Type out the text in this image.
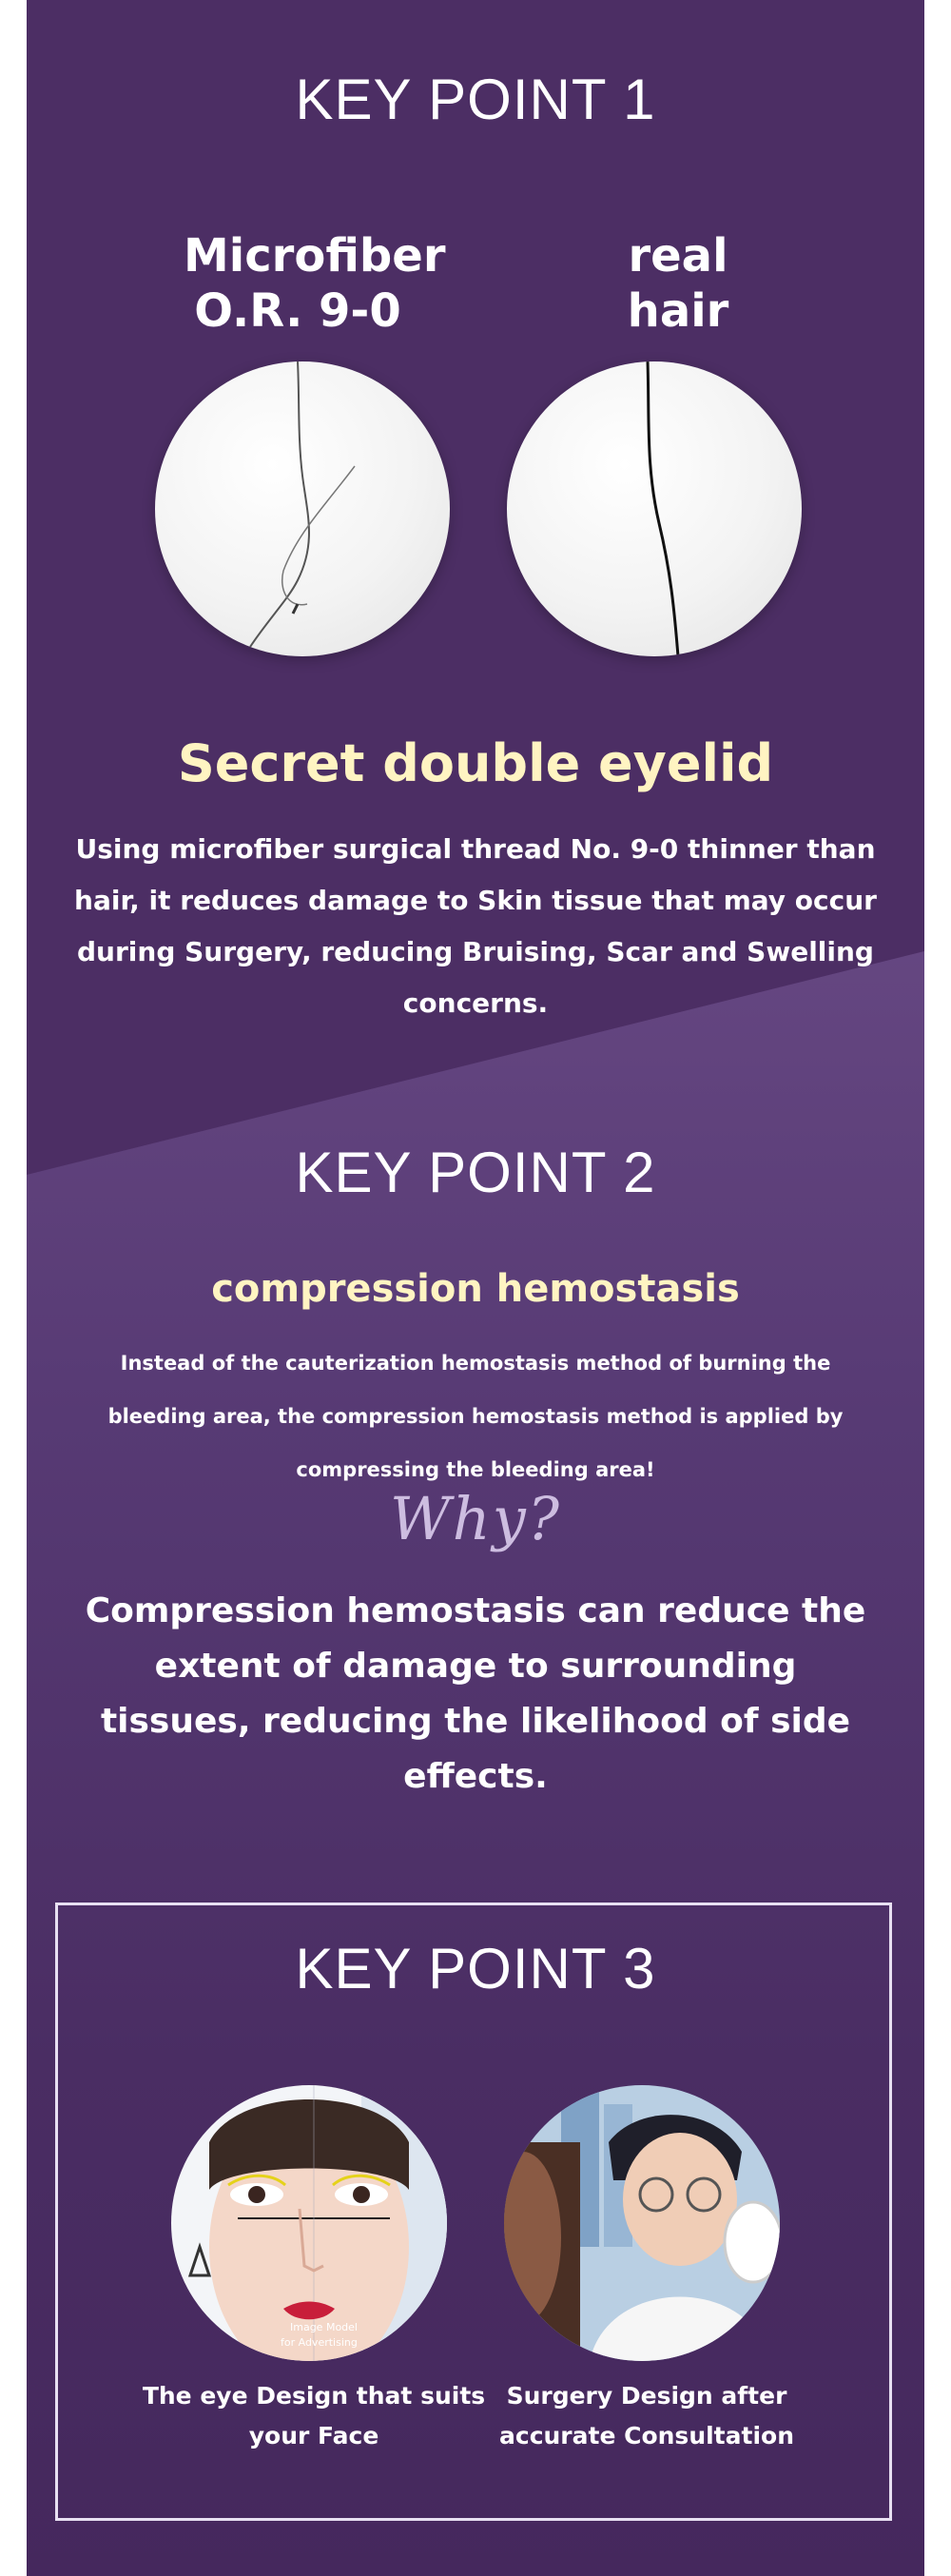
KEY POINT 1
Microfiber
O.R. 9-0
real
hair
Secret double eyelid
Using microfiber surgical thread No. 9-0 thinner than hair, it reduces damage to Skin tissue that may occur during Surgery, reducing Bruising, Scar and Swelling concerns.
KEY POINT 2
compression hemostasis
Instead of the cauterization hemostasis method of burning the bleeding area, the compression hemostasis method is applied by compressing the bleeding area!
Why?
Compression hemostasis can reduce the extent of damage to surrounding tissues, reducing the likelihood of side effects.
KEY POINT 3
Image Model
for Advertising
The eye Design that suits your Face
Surgery Design after accurate Consultation
